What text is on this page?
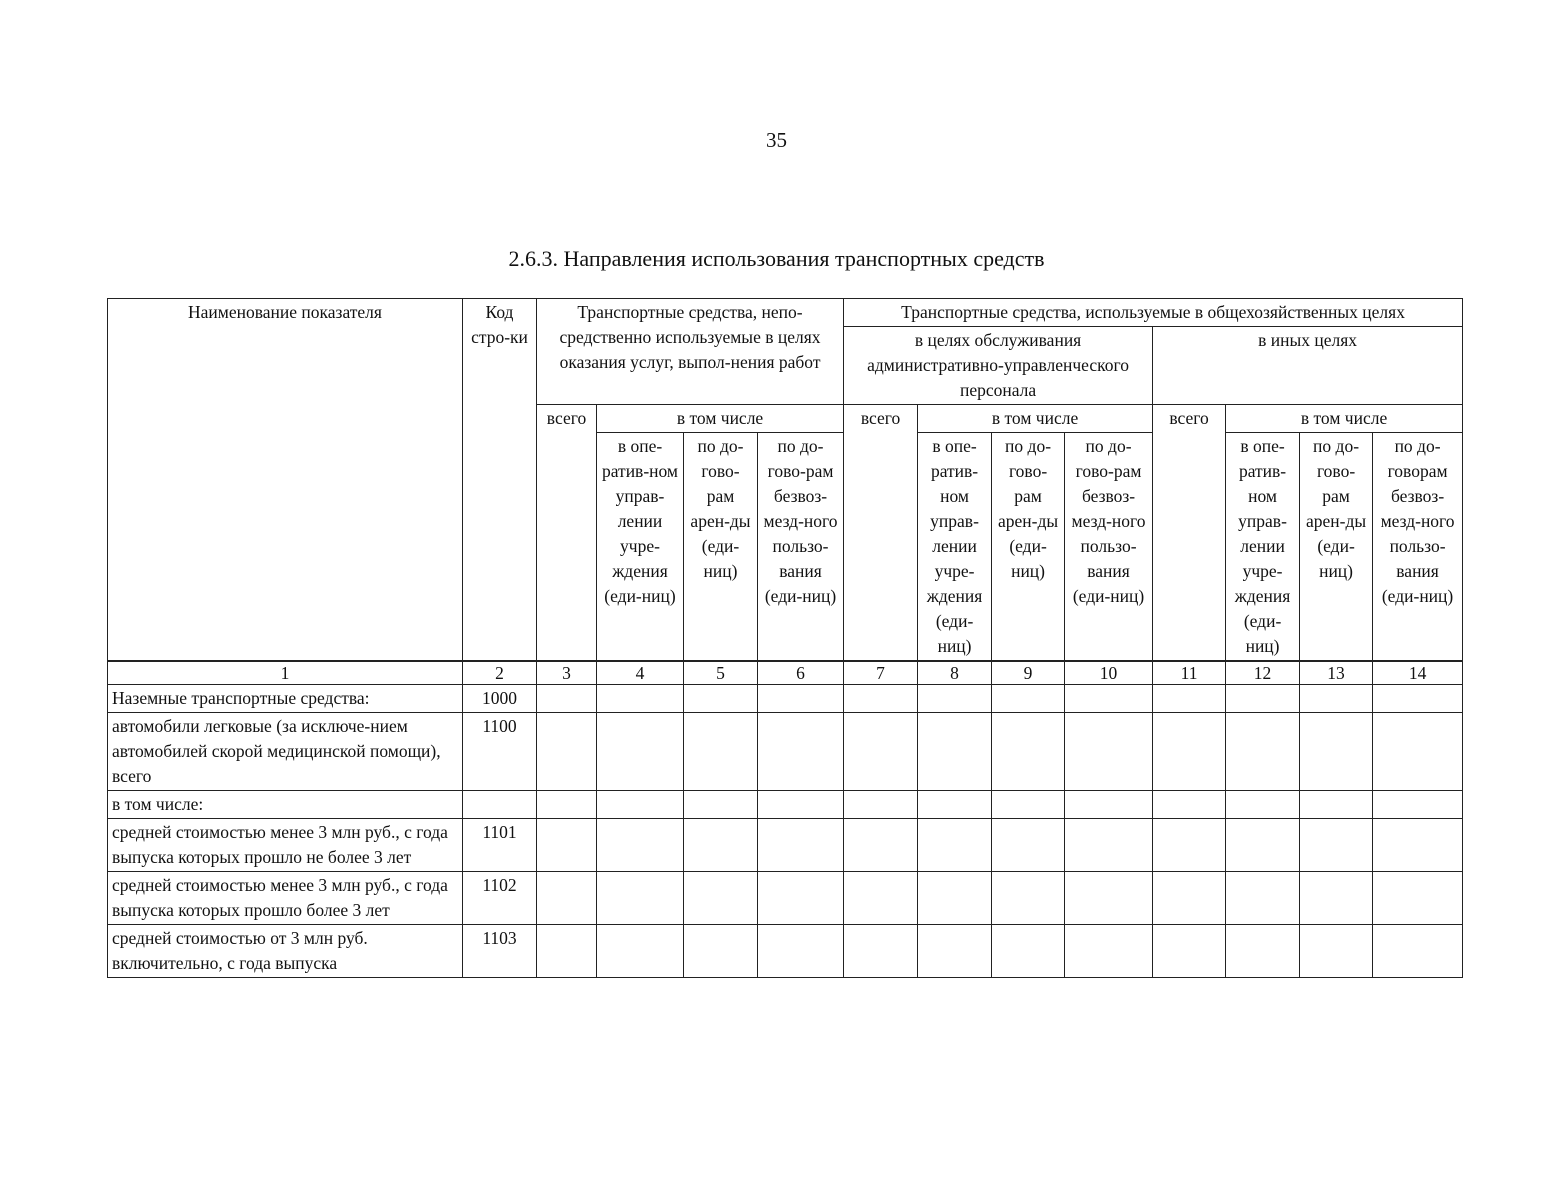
35
2.6.3. Направления использования транспортных средств
Наименование показателя	Код стро-ки	Транспортные средства, непо-средственно используемые в целях оказания услуг, выпол-нения работ				Транспортные средства, используемые в общехозяйственных целях							
						в целях обслуживания административно-управленческого персонала				в иных целях			
		всего	в том числе			всего	в том числе			всего	в том числе		
			в опе-ратив-ном управ-лении учре-ждения (еди-ниц)	по до-гово-рам арен-ды (еди-ниц)	по до-гово-рам безвоз-мезд-ного пользо-вания (еди-ниц)		в опе-ратив-ном управ-лении учре-ждения (еди-ниц)	по до-гово-рам арен-ды (еди-ниц)	по до-гово-рам безвоз-мезд-ного пользо-вания (еди-ниц)		в опе-ратив-ном управ-лении учре-ждения (еди-ниц)	по до-гово-рам арен-ды (еди-ниц)	по до-говорам безвоз-мезд-ного пользо-вания (еди-ниц)
1	2	3	4	5	6	7	8	9	10	11	12	13	14
Наземные транспортные средства:	1000												
автомобили легковые (за исключе-нием автомобилей скорой медицинской помощи), всего	1100												
в том числе:													
средней стоимостью менее 3 млн руб., с года выпуска которых прошло не более 3 лет	1101												
средней стоимостью менее 3 млн руб., с года выпуска которых прошло более 3 лет	1102												
средней стоимостью от 3 млн руб. включительно, с года выпуска	1103												
